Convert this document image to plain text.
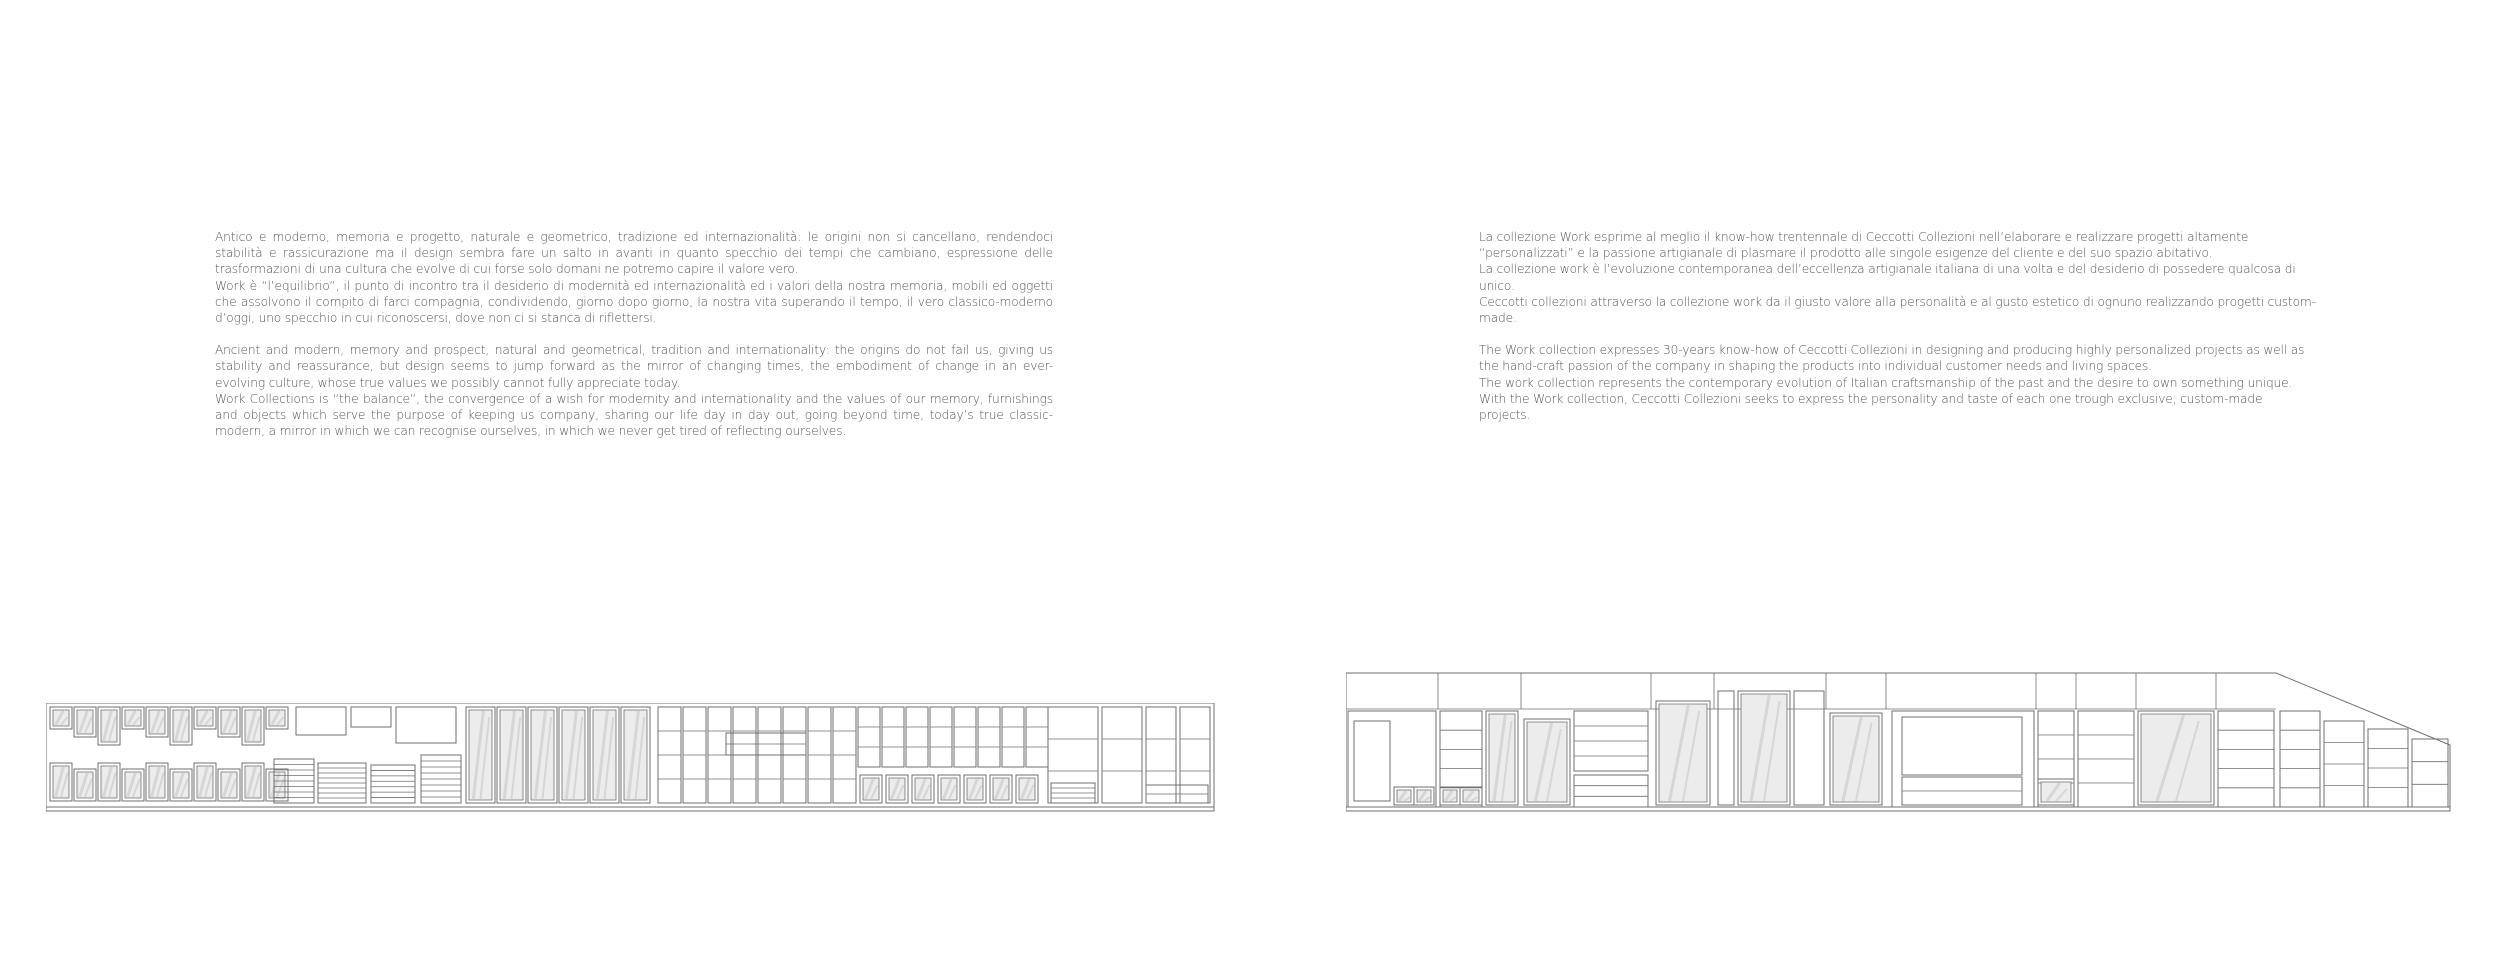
Antico e moderno, memoria e progetto, naturale e geometrico, tradizione ed internazionalità: le origini non si cancellano, rendendoci stabilità e rassicurazione ma il design sembra fare un salto in avanti in quanto specchio dei tempi che cambiano, espressione delle trasformazioni di una cultura che evolve di cui forse solo domani ne potremo capire il valore vero.

Work è “l’equilibrio”, il punto di incontro tra il desiderio di modernità ed internazionalità ed i valori della nostra memoria, mobili ed oggetti che assolvono il compito di farci compagnia, condividendo, giorno dopo giorno, la nostra vita superando il tempo, il vero classico-moderno d’oggi, uno specchio in cui riconoscersi, dove non ci si stanca di riflettersi.

Ancient and modern, memory and prospect, natural and geometrical, tradition and internationality: the origins do not fail us, giving us stability and reassurance, but design seems to jump forward as the mirror of changing times, the embodiment of change in an ever-evolving culture, whose true values we possibly cannot fully appreciate today.

Work Collections is “the balance”, the convergence of a wish for modernity and internationality and the values of our memory, furnishings and objects which serve the purpose of keeping us company, sharing our life day in day out, going beyond time, today’s true classic-modern, a mirror in which we can recognise ourselves, in which we never get tired of reflecting ourselves.

La collezione Work esprime al meglio il know-how trentennale di Ceccotti Collezioni nell’elaborare e realizzare progetti altamente “personalizzati” e la passione artigianale di plasmare il prodotto alle singole esigenze del cliente e del suo spazio abitativo.

La collezione work è l’evoluzione contemporanea dell’eccellenza artigianale italiana di una volta e del desiderio di possedere qualcosa di unico.

Ceccotti collezioni attraverso la collezione work da il giusto valore alla personalità e al gusto estetico di ognuno realizzando progetti custom-made.

The Work collection expresses 30-years know-how of Ceccotti Collezioni in designing and producing highly personalized projects as well as the hand-craft passion of the company in shaping the products into individual customer needs and living spaces.

The work collection represents the contemporary evolution of Italian craftsmanship of the past and the desire to own something unique.

With the Work collection, Ceccotti Collezioni seeks to express the personality and taste of each one trough exclusive, custom-made projects.
